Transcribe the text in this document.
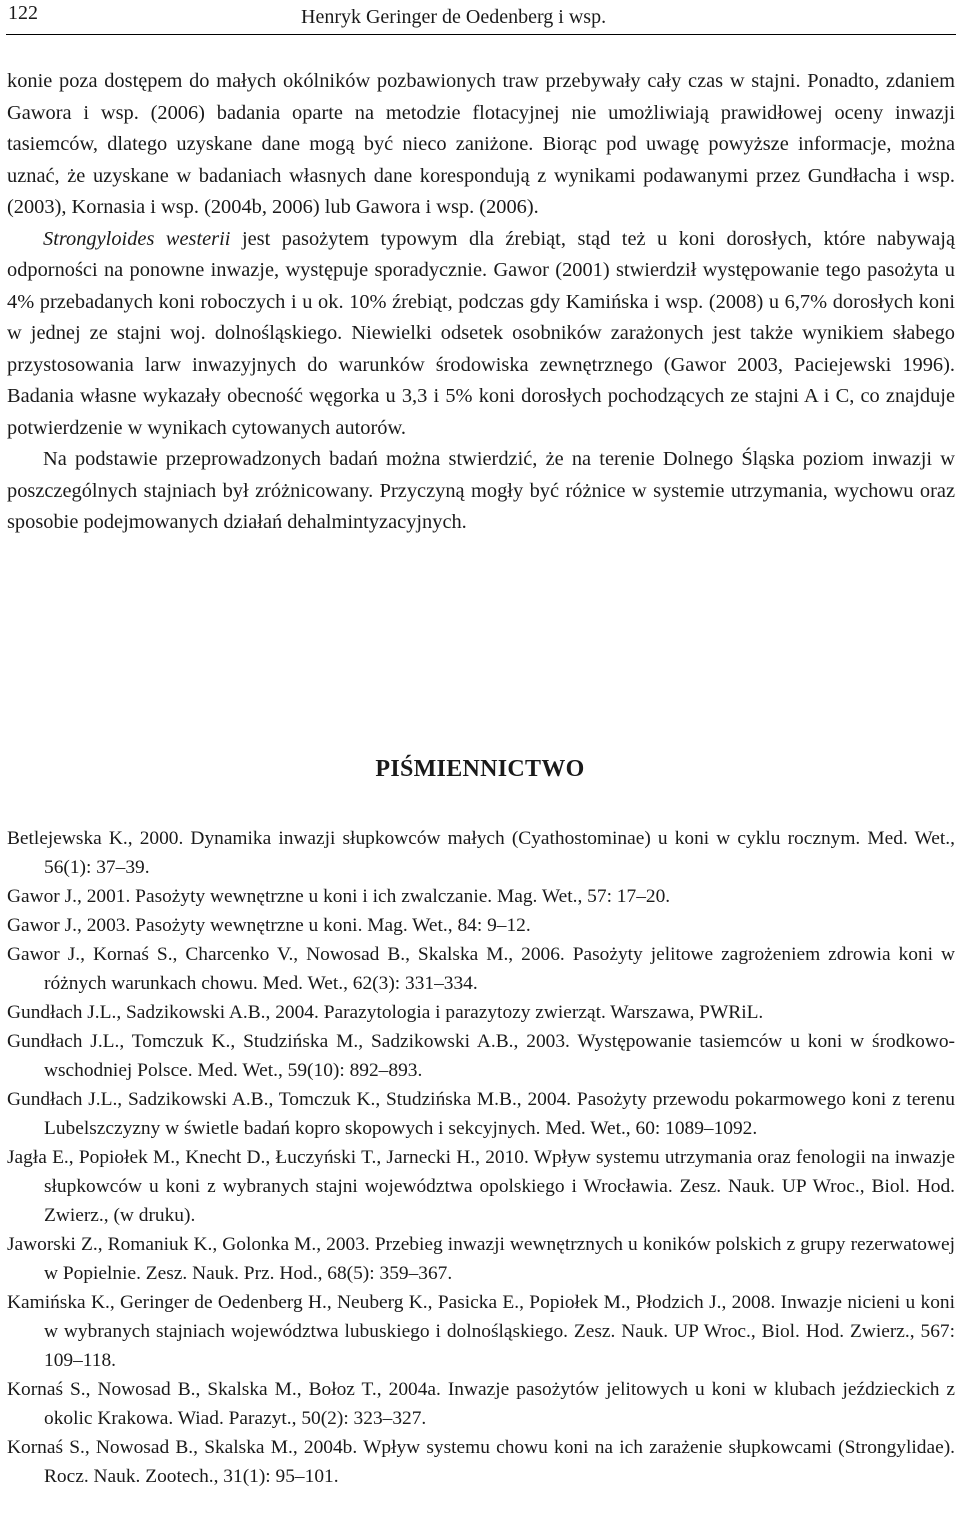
122	Henryk Geringer de Oedenberg i wsp.

konie poza dostępem do małych okólników pozbawionych traw przebywały cały czas w stajni. Ponadto, zdaniem Gawora i wsp. (2006) badania oparte na metodzie flotacyjnej nie umożliwiają prawidłowej oceny inwazji tasiemców, dlatego uzyskane dane mogą być nieco zaniżone. Biorąc pod uwagę powyższe informacje, można uznać, że uzyskane w badaniach własnych dane korespondują z wynikami podawanymi przez Gundłacha i wsp. (2003), Kornasia i wsp. (2004b, 2006) lub Gawora i wsp. (2006).

Strongyloides westerii jest pasożytem typowym dla źrebiąt, stąd też u koni dorosłych, które nabywają odporności na ponowne inwazje, występuje sporadycznie. Gawor (2001) stwierdził występowanie tego pasożyta u 4% przebadanych koni roboczych i u ok. 10% źrebiąt, podczas gdy Kamińska i wsp. (2008) u 6,7% dorosłych koni w jednej ze stajni woj. dolnośląskiego. Niewielki odsetek osobników zarażonych jest także wynikiem słabego przystosowania larw inwazyjnych do warunków środowiska zewnętrznego (Gawor 2003, Paciejewski 1996). Badania własne wykazały obecność węgorka u 3,3 i 5% koni dorosłych pochodzących ze stajni A i C, co znajduje potwierdzenie w wynikach cytowanych autorów.

Na podstawie przeprowadzonych badań można stwierdzić, że na terenie Dolnego Śląska poziom inwazji w poszczególnych stajniach był zróżnicowany. Przyczyną mogły być różnice w systemie utrzymania, wychowu oraz sposobie podejmowanych działań dehalmintyzacyjnych.

PIŚMIENNICTWO

Betlejewska K., 2000. Dynamika inwazji słupkowców małych (Cyathostominae) u koni w cyklu rocznym. Med. Wet., 56(1): 37–39.

Gawor J., 2001. Pasożyty wewnętrzne u koni i ich zwalczanie. Mag. Wet., 57: 17–20.

Gawor J., 2003. Pasożyty wewnętrzne u koni. Mag. Wet., 84: 9–12.

Gawor J., Kornaś S., Charcenko V., Nowosad B., Skalska M., 2006. Pasożyty jelitowe zagrożeniem zdrowia koni w różnych warunkach chowu. Med. Wet., 62(3): 331–334.

Gundłach J.L., Sadzikowski A.B., 2004. Parazytologia i parazytozy zwierząt. Warszawa, PWRiL.

Gundłach J.L., Tomczuk K., Studzińska M., Sadzikowski A.B., 2003. Występowanie tasiemców u koni w środkowo-wschodniej Polsce. Med. Wet., 59(10): 892–893.

Gundłach J.L., Sadzikowski A.B., Tomczuk K., Studzińska M.B., 2004. Pasożyty przewodu pokarmowego koni z terenu Lubelszczyzny w świetle badań kopro skopowych i sekcyjnych. Med. Wet., 60: 1089–1092.

Jagła E., Popiołek M., Knecht D., Łuczyński T., Jarnecki H., 2010. Wpływ systemu utrzymania oraz fenologii na inwazje słupkowców u koni z wybranych stajni województwa opolskiego i Wrocławia. Zesz. Nauk. UP Wroc., Biol. Hod. Zwierz., (w druku).

Jaworski Z., Romaniuk K., Golonka M., 2003. Przebieg inwazji wewnętrznych u koników polskich z grupy rezerwatowej w Popielnie. Zesz. Nauk. Prz. Hod., 68(5): 359–367.

Kamińska K., Geringer de Oedenberg H., Neuberg K., Pasicka E., Popiołek M., Płodzich J., 2008. Inwazje nicieni u koni w wybranych stajniach województwa lubuskiego i dolnośląskiego. Zesz. Nauk. UP Wroc., Biol. Hod. Zwierz., 567: 109–118.

Kornaś S., Nowosad B., Skalska M., Bołoz T., 2004a. Inwazje pasożytów jelitowych u koni w klubach jeździeckich z okolic Krakowa. Wiad. Parazyt., 50(2): 323–327.

Kornaś S., Nowosad B., Skalska M., 2004b. Wpływ systemu chowu koni na ich zarażenie słupkowcami (Strongylidae). Rocz. Nauk. Zootech., 31(1): 95–101.
